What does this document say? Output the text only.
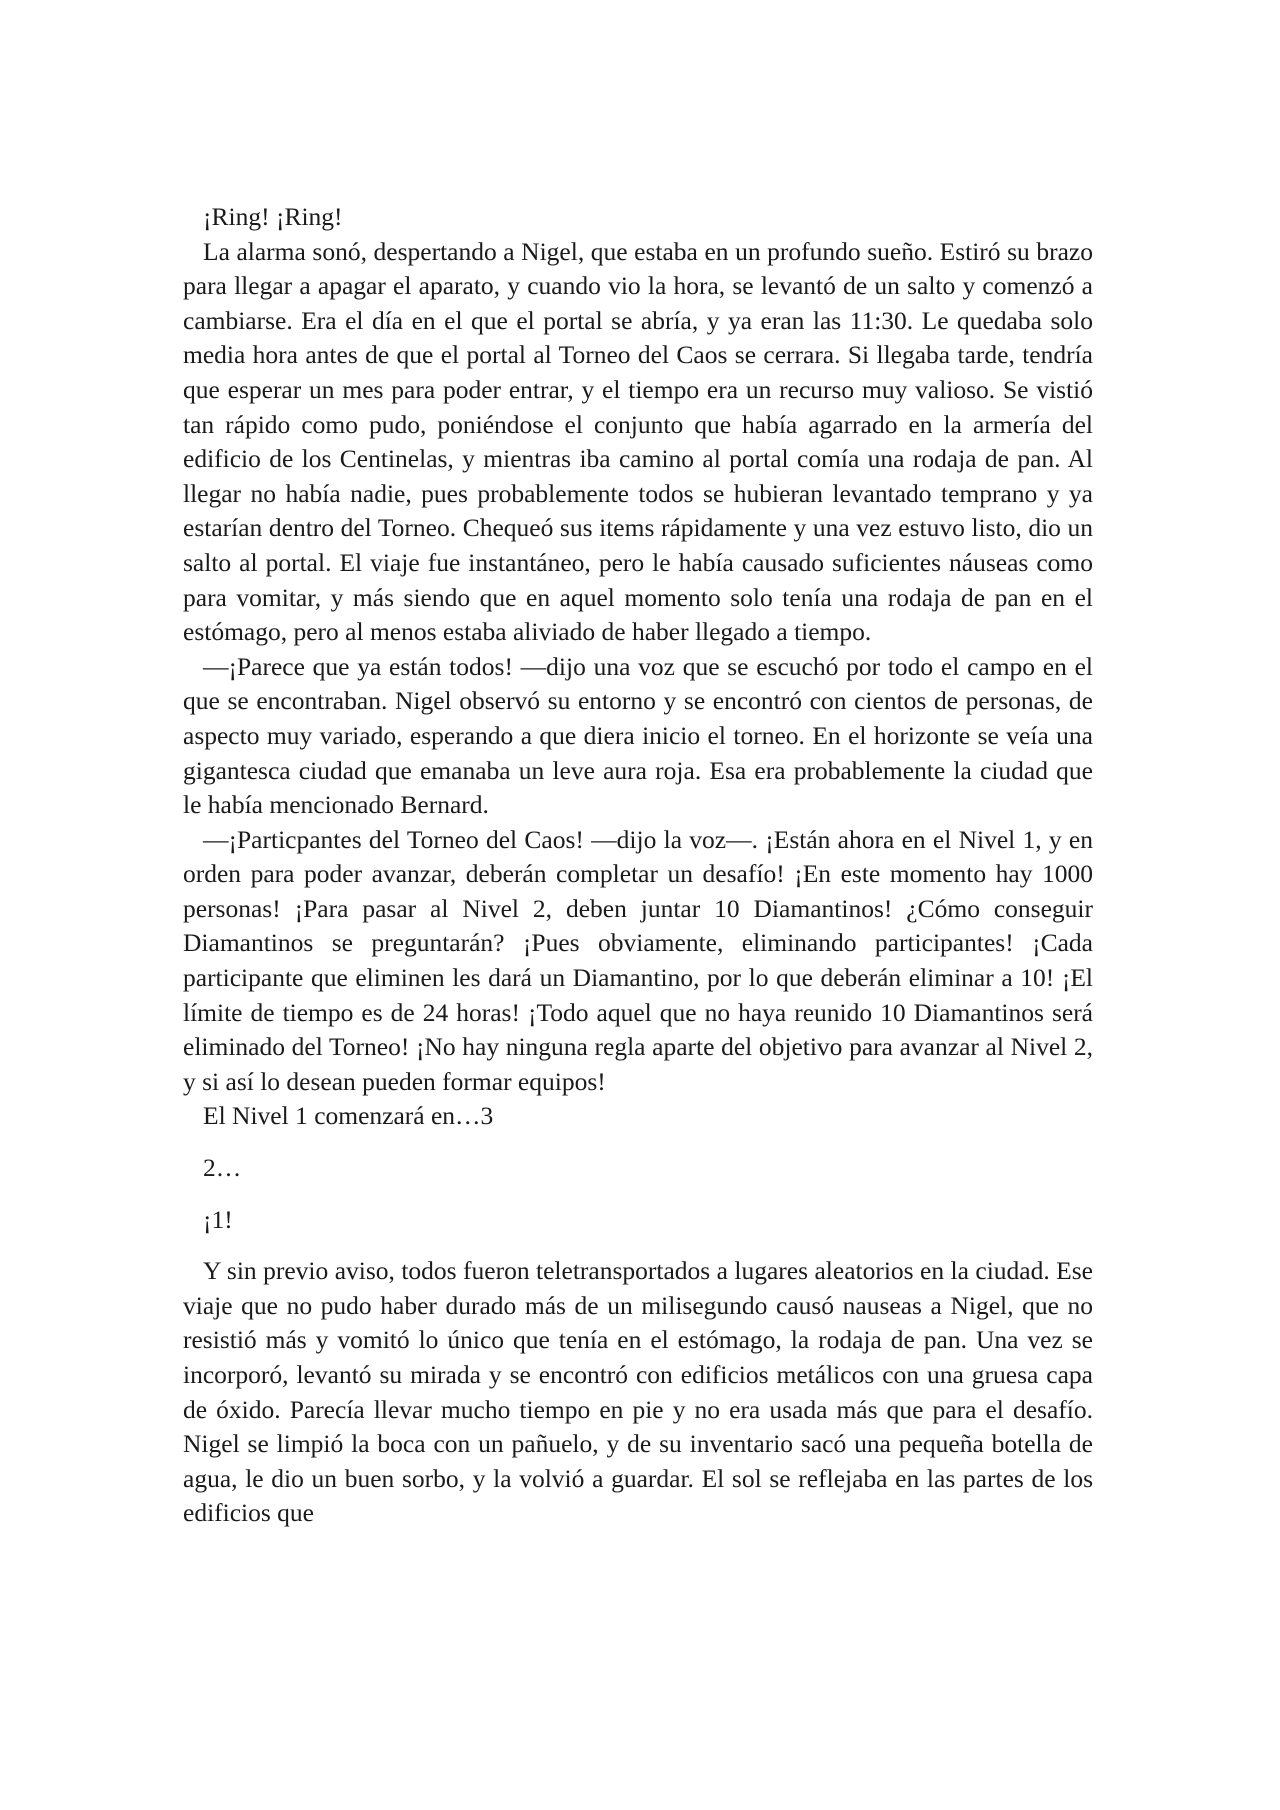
¡Ring! ¡Ring!

La alarma sonó, despertando a Nigel, que estaba en un profundo sueño. Estiró su brazo para llegar a apagar el aparato, y cuando vio la hora, se levantó de un salto y comenzó a cambiarse. Era el día en el que el portal se abría, y ya eran las 11:30. Le quedaba solo media hora antes de que el portal al Torneo del Caos se cerrara. Si llegaba tarde, tendría que esperar un mes para poder entrar, y el tiempo era un recurso muy valioso. Se vistió tan rápido como pudo, poniéndose el conjunto que había agarrado en la armería del edificio de los Centinelas, y mientras iba camino al portal comía una rodaja de pan. Al llegar no había nadie, pues probablemente todos se hubieran levantado temprano y ya estarían dentro del Torneo. Chequeó sus items rápidamente y una vez estuvo listo, dio un salto al portal. El viaje fue instantáneo, pero le había causado suficientes náuseas como para vomitar, y más siendo que en aquel momento solo tenía una rodaja de pan en el estómago, pero al menos estaba aliviado de haber llegado a tiempo.

—¡Parece que ya están todos! —dijo una voz que se escuchó por todo el campo en el que se encontraban. Nigel observó su entorno y se encontró con cientos de personas, de aspecto muy variado, esperando a que diera inicio el torneo. En el horizonte se veía una gigantesca ciudad que emanaba un leve aura roja. Esa era probablemente la ciudad que le había mencionado Bernard.

—¡Particpantes del Torneo del Caos! —dijo la voz—. ¡Están ahora en el Nivel 1, y en orden para poder avanzar, deberán completar un desafío! ¡En este momento hay 1000 personas! ¡Para pasar al Nivel 2, deben juntar 10 Diamantinos! ¿Cómo conseguir Diamantinos se preguntarán? ¡Pues obviamente, eliminando participantes! ¡Cada participante que eliminen les dará un Diamantino, por lo que deberán eliminar a 10! ¡El límite de tiempo es de 24 horas! ¡Todo aquel que no haya reunido 10 Diamantinos será eliminado del Torneo! ¡No hay ninguna regla aparte del objetivo para avanzar al Nivel 2, y si así lo desean pueden formar equipos!

El Nivel 1 comenzará en…3

2…

¡1!

Y sin previo aviso, todos fueron teletransportados a lugares aleatorios en la ciudad. Ese viaje que no pudo haber durado más de un milisegundo causó nauseas a Nigel, que no resistió más y vomitó lo único que tenía en el estómago, la rodaja de pan. Una vez se incorporó, levantó su mirada y se encontró con edificios metálicos con una gruesa capa de óxido. Parecía llevar mucho tiempo en pie y no era usada más que para el desafío. Nigel se limpió la boca con un pañuelo, y de su inventario sacó una pequeña botella de agua, le dio un buen sorbo, y la volvió a guardar. El sol se reflejaba en las partes de los edificios que
